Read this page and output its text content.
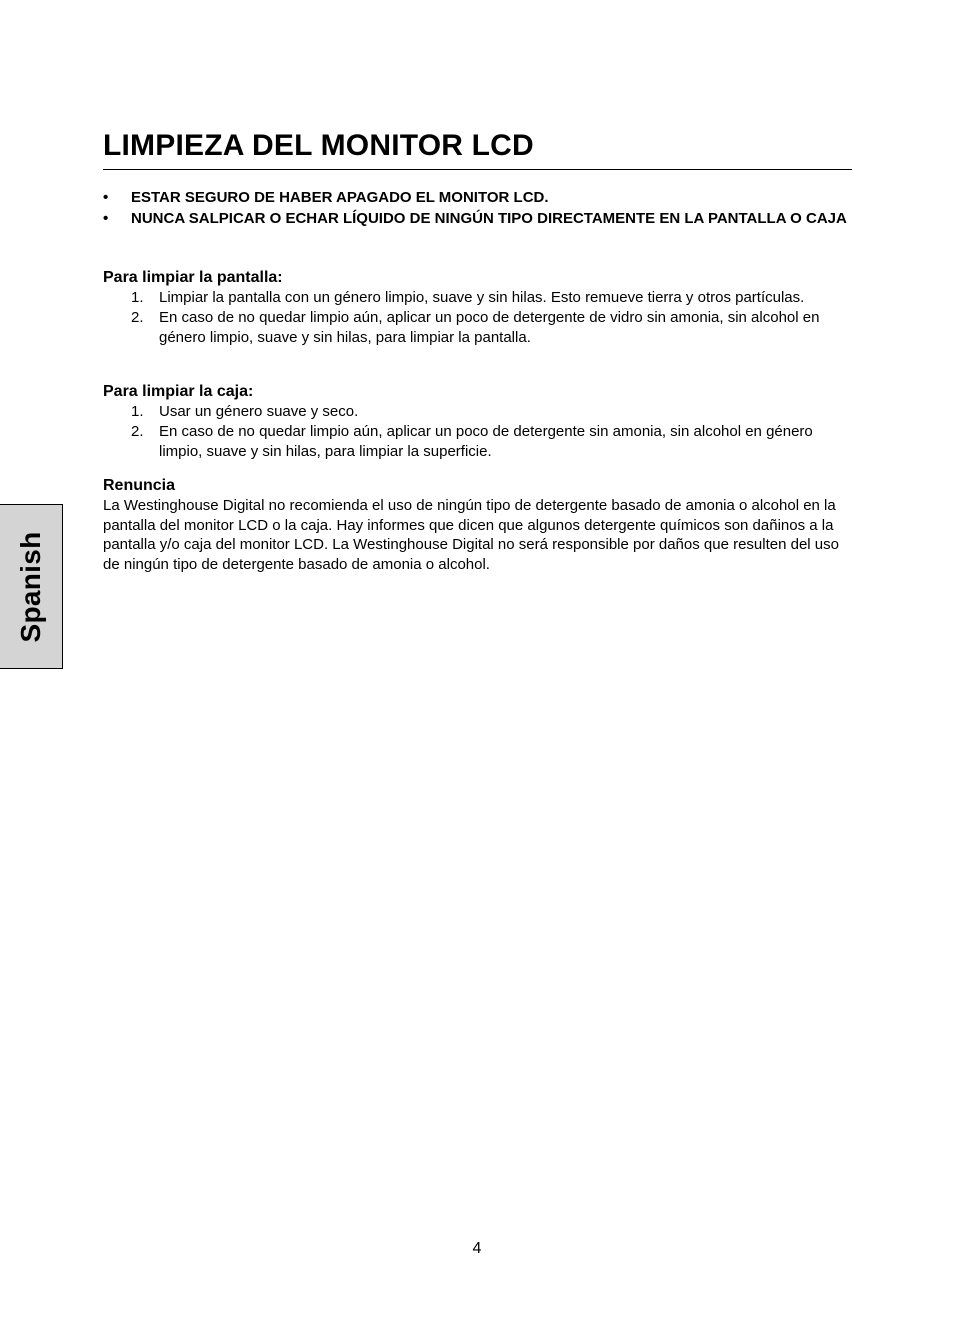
LIMPIEZA DEL MONITOR LCD
• ESTAR SEGURO DE HABER APAGADO EL MONITOR LCD.
• NUNCA SALPICAR O ECHAR LÍQUIDO DE NINGÚN TIPO DIRECTAMENTE EN LA PANTALLA O CAJA
Para limpiar la pantalla:
1. Limpiar la pantalla con un género limpio, suave y sin hilas. Esto remueve tierra y otros partículas.
2. En caso de no quedar limpio aún, aplicar un poco de detergente de vidro sin amonia, sin alcohol en género limpio, suave y sin hilas, para limpiar la pantalla.
Para limpiar la caja:
1. Usar un género suave y seco.
2. En caso de no quedar limpio aún, aplicar un poco de detergente sin amonia, sin alcohol en género limpio, suave y sin hilas, para limpiar la superficie.
Renuncia

La Westinghouse Digital no recomienda el uso de ningún tipo de detergente basado de amonia o alcohol en la pantalla del monitor LCD o la caja. Hay informes que dicen que algunos detergente químicos son dañinos a la pantalla y/o caja del monitor LCD. La Westinghouse Digital no será responsible por daños que resulten del uso de ningún tipo de detergente basado de amonia o alcohol.

Spanish
4
